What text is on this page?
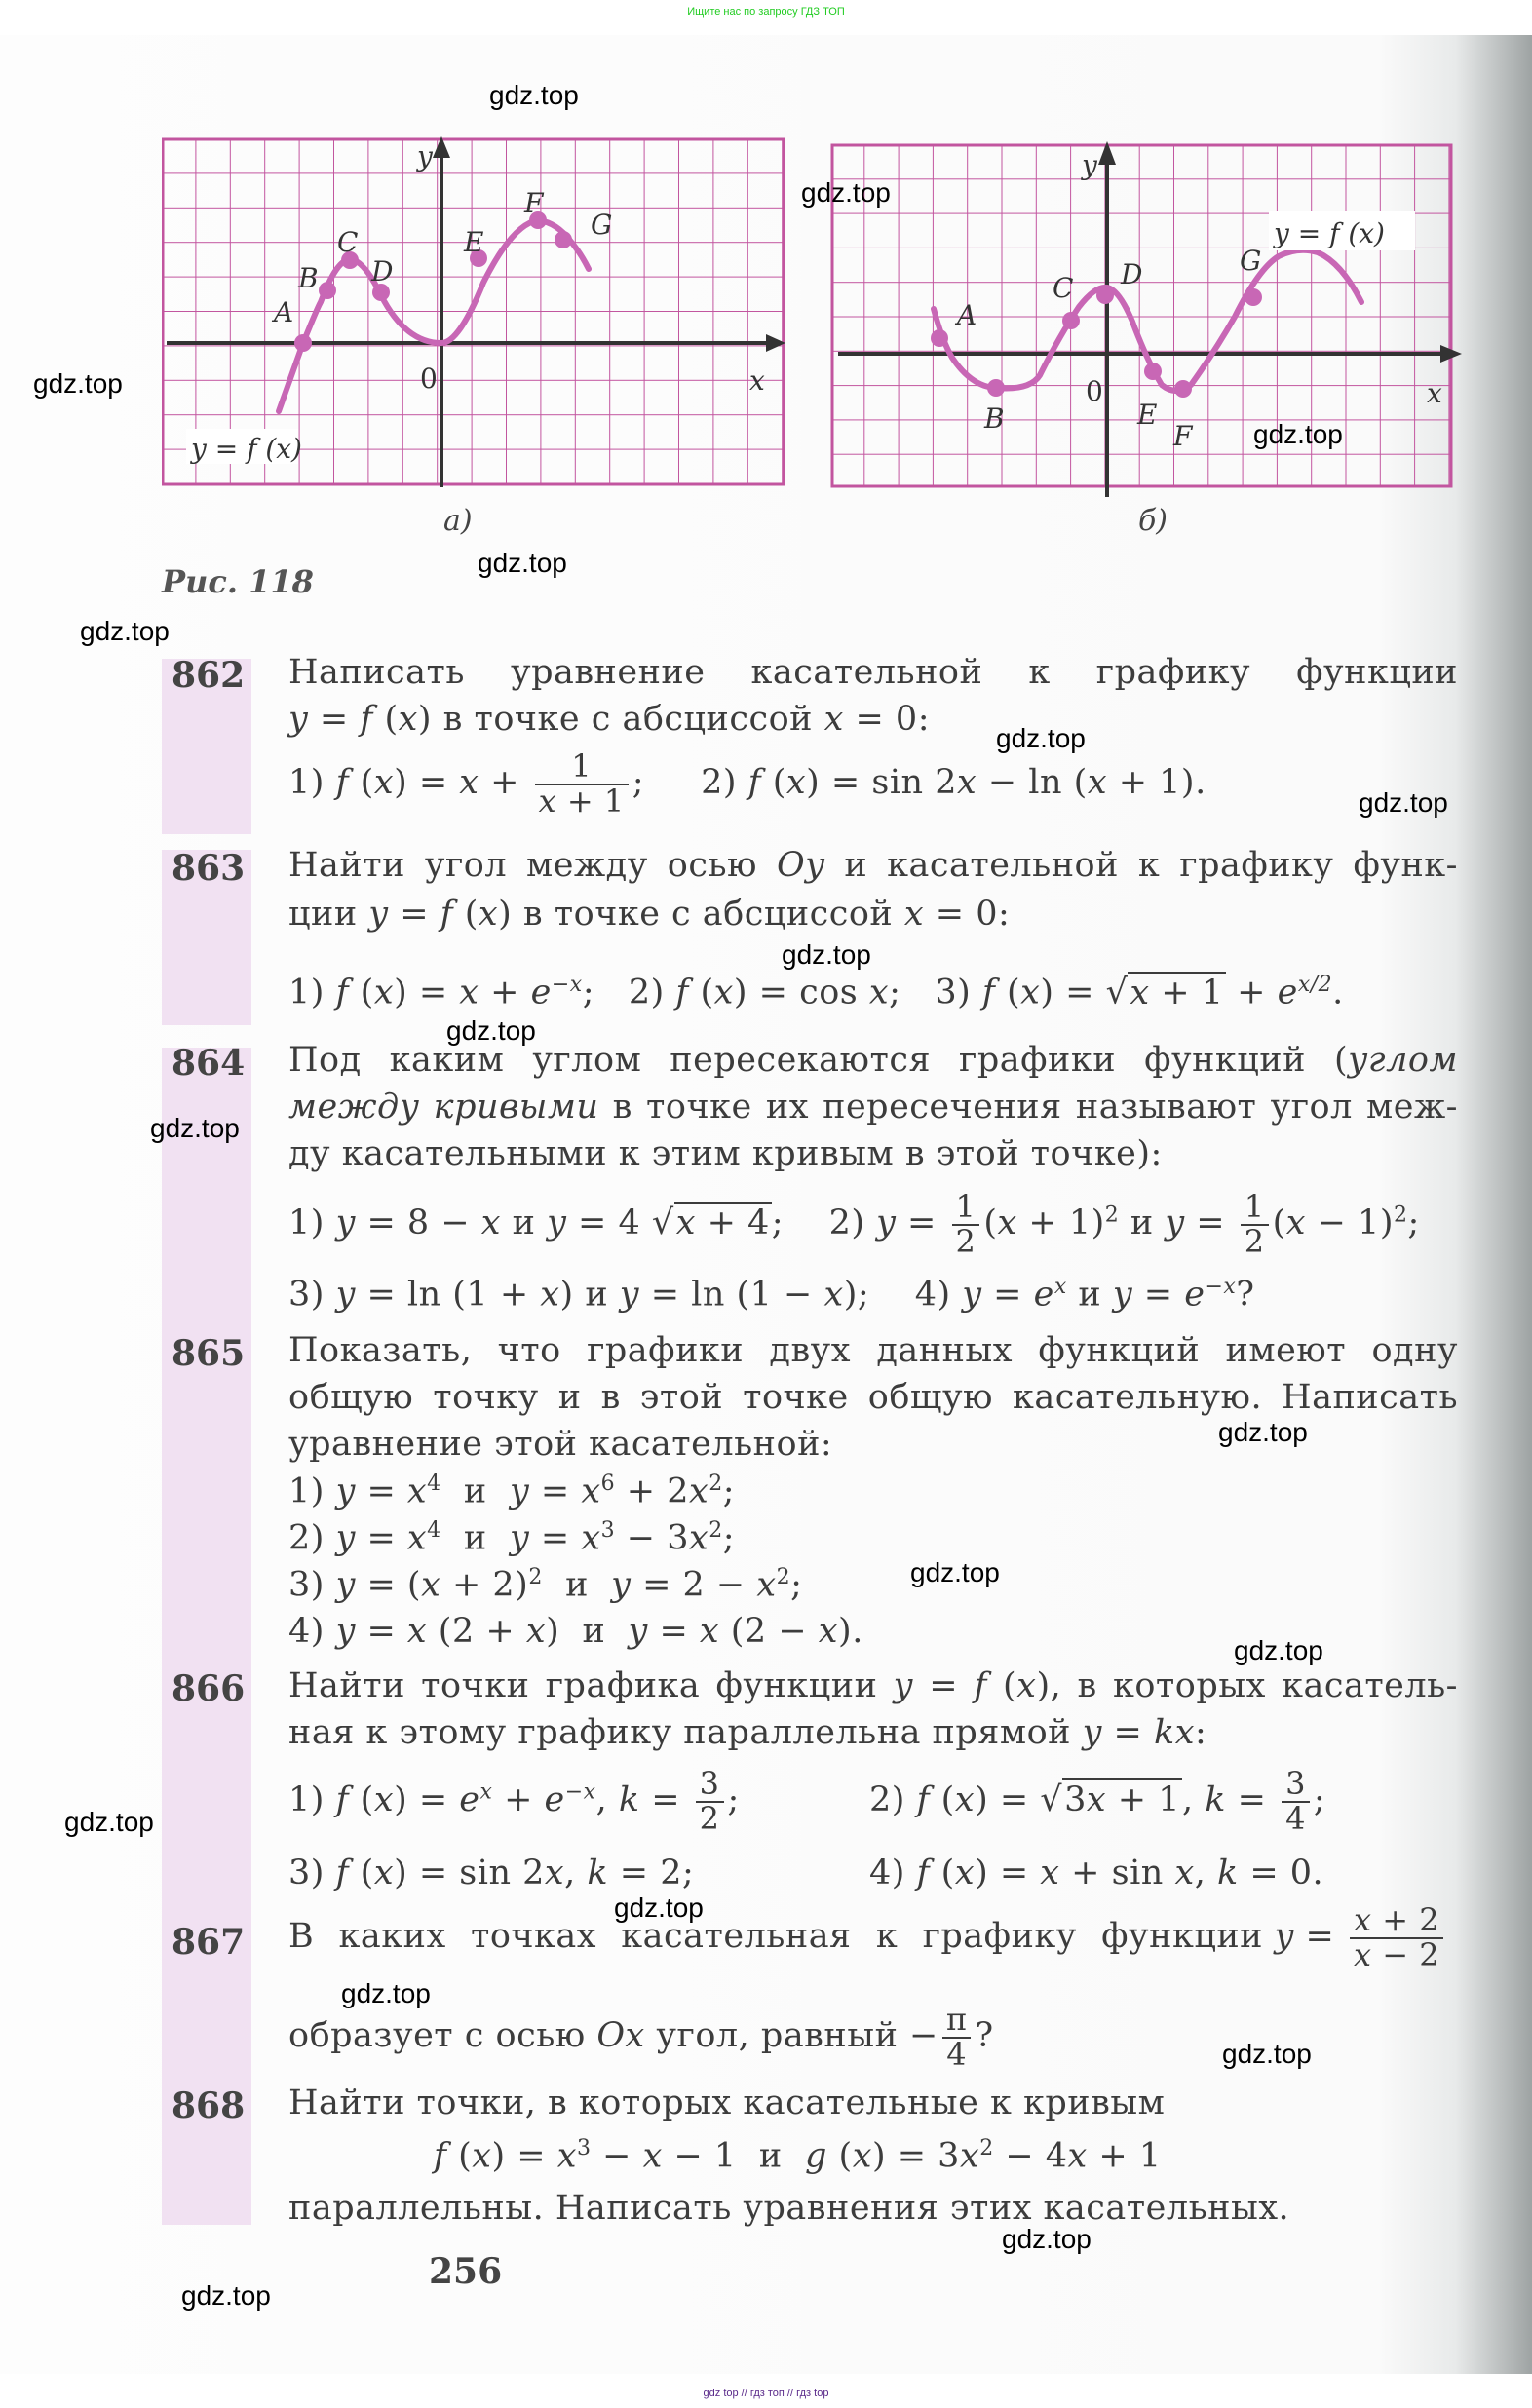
Ищите нас по запросу ГДЗ ТОП
A
B
C
D
E
F
G
y
x
0
y = f (x)
а)
A
B
C D
E
F
G
y
x
0
y = f (x)
б)
Рис. 118
862 Написать уравнение касательной к графику функции
y = f (x) в точке с абсциссой x = 0:
1) f $(x) = x + \frac{1}{x + 1}$ ;     2) f (x) = sin 2x − ln (x + 1).
863 Найти угол между осью Oy и касательной к графику функ-
ции y = f (x) в точке с абсциссой x = 0:
1) f $(x) = x + e^{-x}$;   2) f (x) = cos x;   3) f $(x) = √x + 1 + e^{x/2}$.
864 Под каким углом пересекаются графики функций (углом
между кривыми в точке их пересечения называют угол меж-
ду касательными к этим кривым в этой точке):
1) y = 8 − x и y = 4 √x + 4;    2) $y = \frac{1}{2} (x + 1)^2$ и $y = \frac{1}{2} (x - 1)^2$;
3) y = ln (1 + x) и y = ln (1 − x);    4) $y = e^x$ и $y = e^{-x}$?
865 Показать, что графики двух данных функций имеют одну
общую точку и в этой точке общую касательную. Написать
уравнение этой касательной:
1) $y = x^4$  и  $y = x^6 + 2x^2$;
2) $y = x^4$  и  $y = x^3 - 3x^2$;
3) $y = (x + 2)^2$  и  $y = 2 - x^2$;
4) y = x (2 + x)  и  y = x (2 − x).
866 Найти точки графика функции y = f (x), в которых касатель-
ная к этому графику параллельна прямой y = kx:
1) f $(x) = e^x + e^{-x}$, $k = \frac{3}{2}$ ;	2) f (x) = √3x + 1, $k = \frac{3}{4}$ ;
3) f (x) = sin 2x, k = 2;	4) f (x) = x + sin x, k = 0.
867 В каких точках касательная к графику функции $y = \frac{x + 2}{x - 2}$
образует с осью Ox угол, равный − $\frac{\pi}{4}$ ?
868 Найти точки, в которых касательные к кривым
f $(x) = x^3 - x - 1$  и  g $(x) = 3x^2 - 4x + 1$
параллельны. Написать уравнения этих касательных.
256
gdz.top
gdz.top
gdz.top
gdz.top
gdz.top
gdz.top
gdz.top
gdz.top
gdz.top
gdz.top
gdz.top
gdz.top
gdz.top
gdz.top
gdz.top
gdz.top
gdz.top
gdz.top
gdz.top
gdz.top
gdz top // гдз топ // гдз top
